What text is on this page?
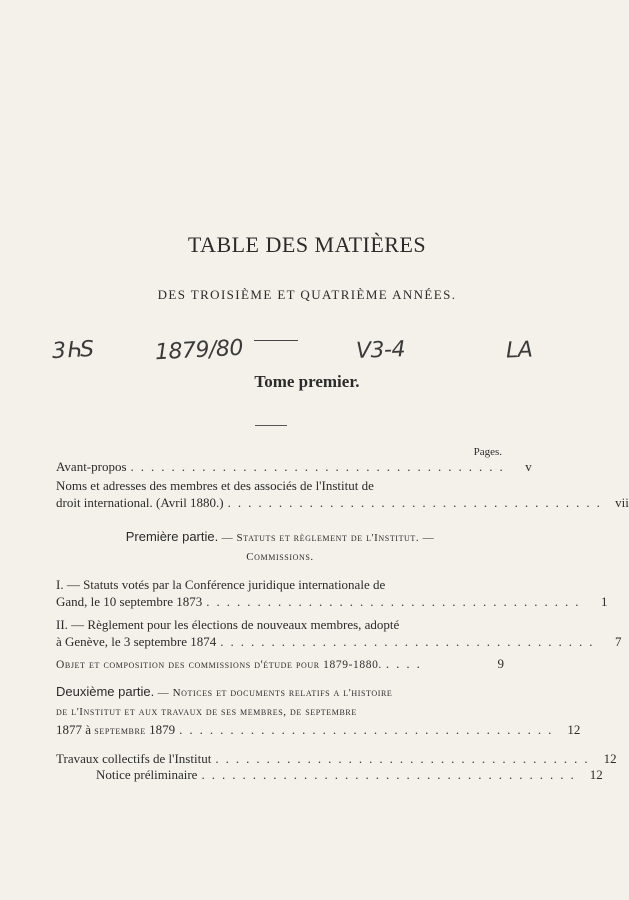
TABLE DES MATIÈRES
DES TROISIÈME ET QUATRIÈME ANNÉES.
3ҺS	1879/80	V3-4	LA
Tome premier.
Pages.
Avant-propos .....................................	v
Noms et adresses des membres et des associés de l'Institut de
droit international. (Avril 1880.) ..................................... vii
Première partie. — Statuts et règlement de l'Institut. —
Commissions.
I. — Statuts votés par la Conférence juridique internationale de
Gand, le 10 septembre 1873 .....................................	1
II. — Règlement pour les élections de nouveaux membres, adopté
à Genève, le 3 septembre 1874 .....................................	7
Objet et composition des commissions d'étude pour 1879-1880. ....	9
Deuxième partie. — Notices et documents relatifs a l'histoire
de l'Institut et aux travaux de ses membres, de septembre
1877 à septembre 1879 ..................................... 12
Travaux collectifs de l'Institut ..................................... 12
Notice préliminaire ..................................... 12
